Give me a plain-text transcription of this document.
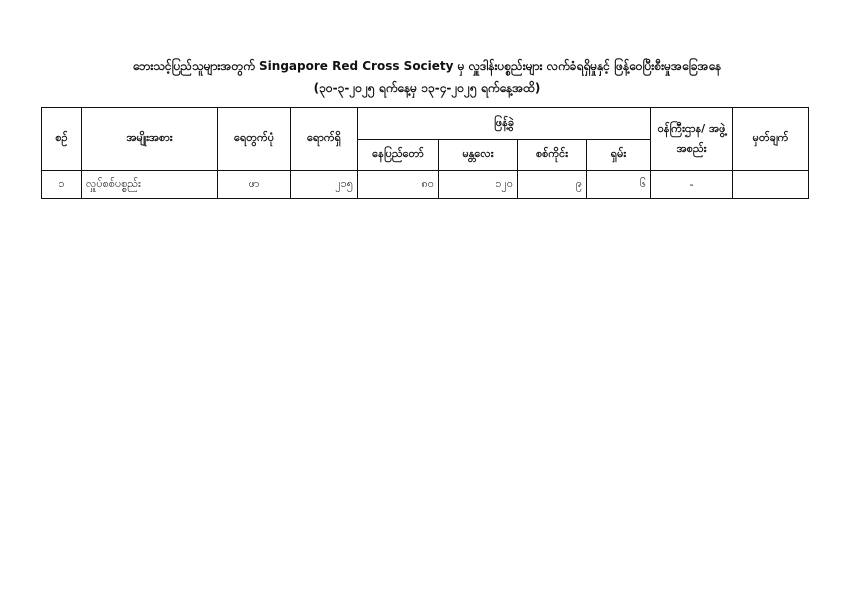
ဘေးသင့်ပြည်သူများအတွက် Singapore Red Cross Society မှ လှူဒါန်းပစ္စည်းများ လက်ခံရရှိမှုနှင့် ဖြန့်ဝေပြီးစီးမှုအခြေအနေ
(၃၀-၃-၂၀၂၅ ရက်နေ့မှ ၁၃-၄-၂၀၂၅ ရက်နေ့အထိ)
စဉ်	အမျိုးအစား	ရေတွက်ပုံ	ရောက်ရှိ	ဖြန့်ခွဲ				ဝန်ကြီးဌာန/ အဖွဲ့အစည်း	မှတ်ချက်
				နေပြည်တော်	မန္တလေး	စစ်ကိုင်း	ရှမ်း		
၁	လှူပ်စစ်ပစ္စည်း	ဖာ	၂၁၅	၈၀	၁၂၀	၉	၆	-	
